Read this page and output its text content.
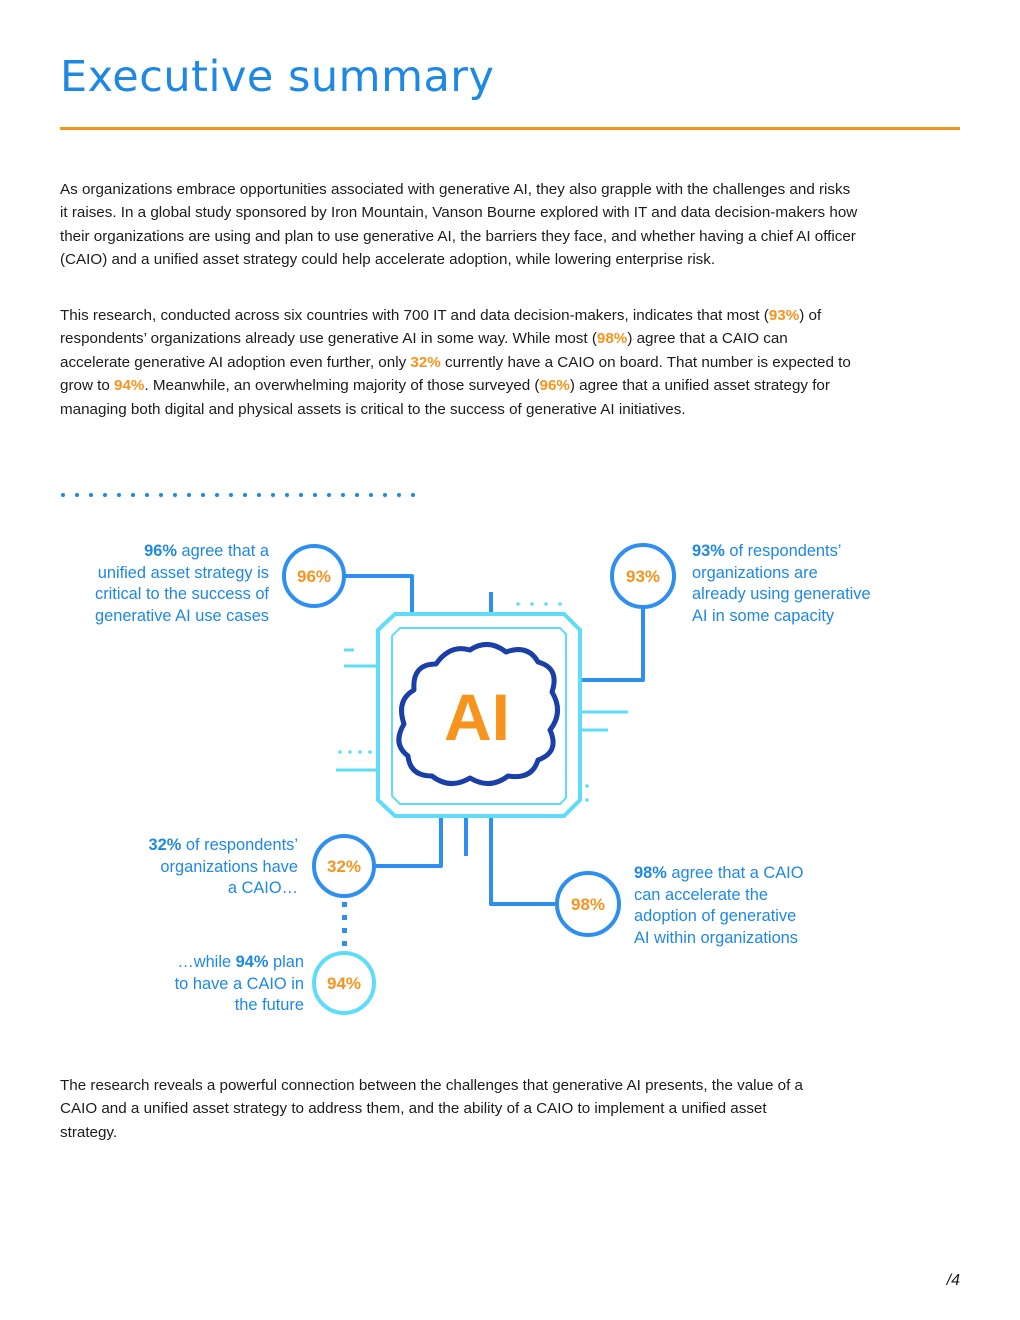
Executive summary

As organizations embrace opportunities associated with generative AI, they also grapple with the challenges and risks it raises. In a global study sponsored by Iron Mountain, Vanson Bourne explored with IT and data decision-makers how their organizations are using and plan to use generative AI, the barriers they face, and whether having a chief AI officer (CAIO) and a unified asset strategy could help accelerate adoption, while lowering enterprise risk.

This research, conducted across six countries with 700 IT and data decision-makers, indicates that most (93%) of respondents’ organizations already use generative AI in some way. While most (98%) agree that a CAIO can accelerate generative AI adoption even further, only 32% currently have a CAIO on board. That number is expected to grow to 94%. Meanwhile, an overwhelming majority of those surveyed (96%) agree that a unified asset strategy for managing both digital and physical assets is critical to the success of generative AI initiatives.

AI
96%	93%
32%
94%
98%
96% agree that a
unified asset strategy is
critical to the success of
generative AI use cases
93% of respondents’
organizations are
already using generative
AI in some capacity
32% of respondents’
organizations have
a CAIO…
…while 94% plan
to have a CAIO in
the future
98% agree that a CAIO
can accelerate the
adoption of generative
AI within organizations

The research reveals a powerful connection between the challenges that generative AI presents, the value of a CAIO and a unified asset strategy to address them, and the ability of a CAIO to implement a unified asset strategy.

/4
